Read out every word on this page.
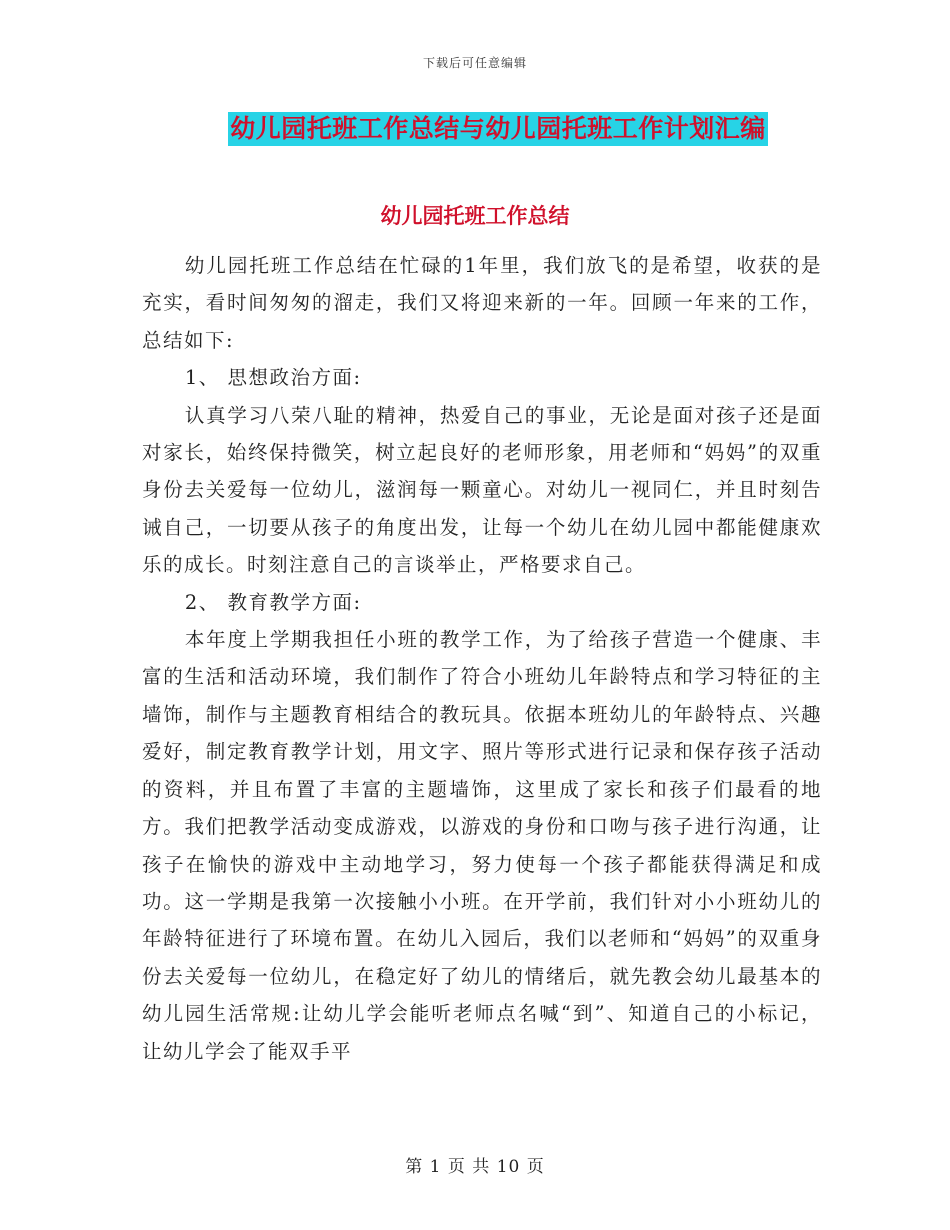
下载后可任意编辑
幼儿园托班工作总结与幼儿园托班工作计划汇编
幼儿园托班工作总结

幼儿园托班工作总结在忙碌的1年里，我们放飞的是希望，收获的是充实，看时间匆匆的溜走，我们又将迎来新的一年。回顾一年来的工作，总结如下:

1、 思想政治方面:

认真学习八荣八耻的精神，热爱自己的事业，无论是面对孩子还是面对家长，始终保持微笑，树立起良好的老师形象，用老师和“妈妈”的双重身份去关爱每一位幼儿，滋润每一颗童心。对幼儿一视同仁，并且时刻告诫自己，一切要从孩子的角度出发，让每一个幼儿在幼儿园中都能健康欢乐的成长。时刻注意自己的言谈举止，严格要求自己。

2、 教育教学方面:

本年度上学期我担任小班的教学工作，为了给孩子营造一个健康、丰富的生活和活动环境，我们制作了符合小班幼儿年龄特点和学习特征的主墙饰，制作与主题教育相结合的教玩具。依据本班幼儿的年龄特点、兴趣爱好，制定教育教学计划，用文字、照片等形式进行记录和保存孩子活动的资料，并且布置了丰富的主题墙饰，这里成了家长和孩子们最看的地方。我们把教学活动变成游戏，以游戏的身份和口吻与孩子进行沟通，让孩子在愉快的游戏中主动地学习，努力使每一个孩子都能获得满足和成功。这一学期是我第一次接触小小班。在开学前，我们针对小小班幼儿的年龄特征进行了环境布置。在幼儿入园后，我们以老师和“妈妈”的双重身份去关爱每一位幼儿，在稳定好了幼儿的情绪后，就先教会幼儿最基本的幼儿园生活常规:让幼儿学会能听老师点名喊“到”、知道自己的小标记，让幼儿学会了能双手平

第 1 页 共 10 页
